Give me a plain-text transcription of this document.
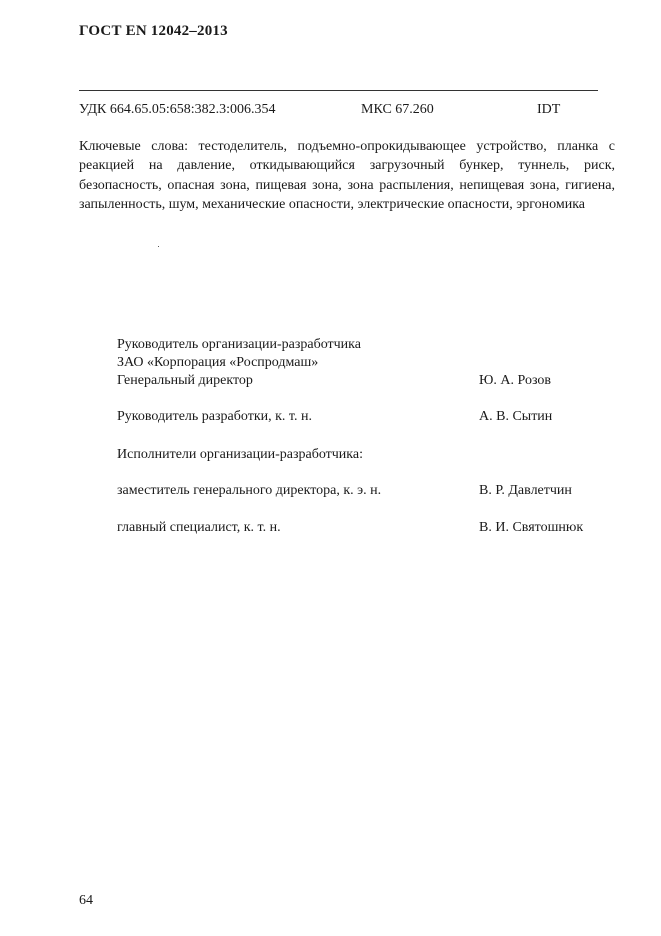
ГОСТ EN 12042–2013
УДК 664.65.05:658:382.3:006.354	МКС 67.260	IDT
Ключевые слова: тестоделитель, подъемно-опрокидывающее устройство, планка с реакцией на давление, откидывающийся загрузочный бункер, туннель, риск, безопасность, опасная зона, пищевая зона, зона распыления, непищевая зона, гигиена, запыленность, шум, механические опасности, электрические опасности, эргономика
Руководитель организации-разработчика
ЗАО «Корпорация «Роспродмаш»
Генеральный директор	Ю. А. Розов
Руководитель разработки, к. т. н.	А. В. Сытин
Исполнители организации-разработчика:
заместитель генерального директора, к. э. н.	В. Р. Давлетчин
главный специалист, к. т. н.	В. И. Святошнюк
64
